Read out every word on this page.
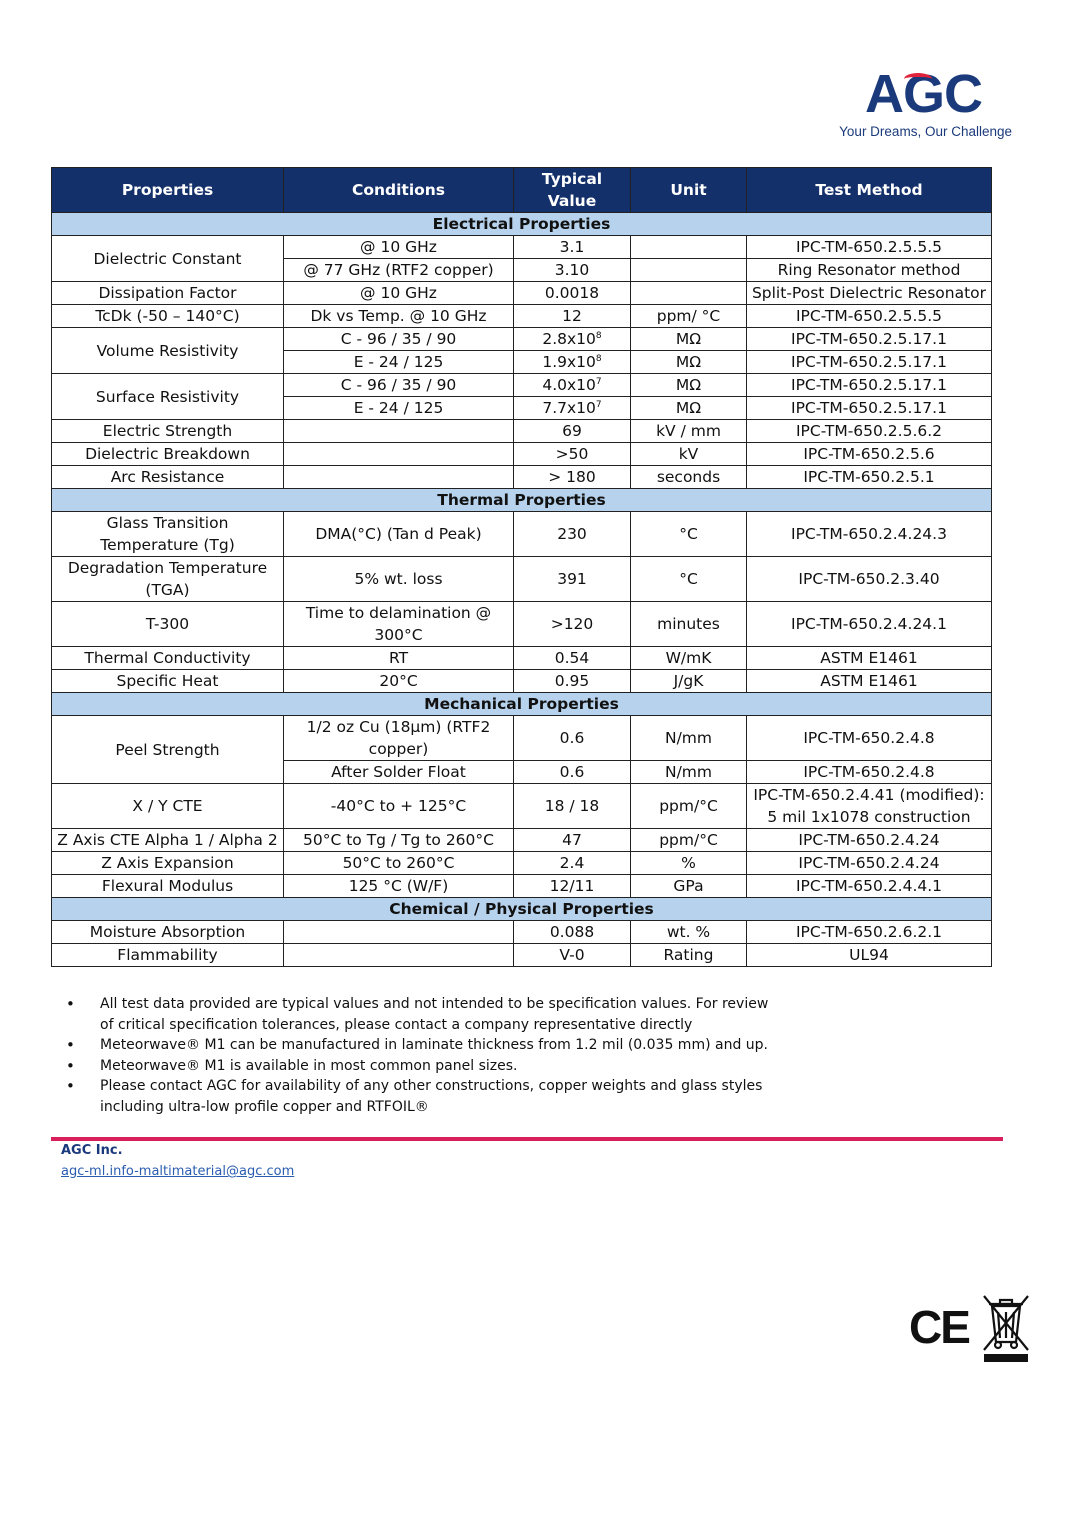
AGC
Your Dreams, Our Challenge
Properties	Conditions	Typical Value	Unit	Test Method
Electrical Properties				
Dielectric Constant	@ 10 GHz	3.1		IPC-TM-650.2.5.5.5
	@ 77 GHz (RTF2 copper)	3.10		Ring Resonator method
Dissipation Factor	@ 10 GHz	0.0018		Split-Post Dielectric Resonator
TcDk (-50 – 140°C)	Dk vs Temp. @ 10 GHz	12	ppm/ °C	IPC-TM-650.2.5.5.5
Volume Resistivity	C - 96 / 35 / 90	$2.8x10^8$	MΩ	IPC-TM-650.2.5.17.1
	E - 24 / 125	$1.9x10^8$	MΩ	IPC-TM-650.2.5.17.1
Surface Resistivity	C - 96 / 35 / 90	$4.0x10^7$	MΩ	IPC-TM-650.2.5.17.1
	E - 24 / 125	$7.7x10^7$	MΩ	IPC-TM-650.2.5.17.1
Electric Strength		69	kV / mm	IPC-TM-650.2.5.6.2
Dielectric Breakdown		>50	kV	IPC-TM-650.2.5.6
Arc Resistance		> 180	seconds	IPC-TM-650.2.5.1
Thermal Properties				
Glass Transition Temperature (Tg)	DMA(°C) (Tan d Peak)	230	°C	IPC-TM-650.2.4.24.3
Degradation Temperature (TGA)	5% wt. loss	391	°C	IPC-TM-650.2.3.40
T-300	Time to delamination @ 300°C	>120	minutes	IPC-TM-650.2.4.24.1
Thermal Conductivity	RT	0.54	W/mK	ASTM E1461
Specific Heat	20°C	0.95	J/gK	ASTM E1461
Mechanical Properties				
Peel Strength	1/2 oz Cu (18µm) (RTF2 copper)	0.6	N/mm	IPC-TM-650.2.4.8
	After Solder Float	0.6	N/mm	IPC-TM-650.2.4.8
X / Y CTE	-40°C to + 125°C	18 / 18	ppm/°C	IPC-TM-650.2.4.41 (modified): 5 mil 1x1078 construction
Z Axis CTE Alpha 1 / Alpha 2	50°C to Tg / Tg to 260°C	47	ppm/°C	IPC-TM-650.2.4.24
Z Axis Expansion	50°C to 260°C	2.4	%	IPC-TM-650.2.4.24
Flexural Modulus	125 °C (W/F)	12/11	GPa	IPC-TM-650.2.4.4.1
Chemical / Physical Properties				
Moisture Absorption		0.088	wt. %	IPC-TM-650.2.6.2.1
Flammability		V-0	Rating	UL94
• All test data provided are typical values and not intended to be specification values. For review of critical specification tolerances, please contact a company representative directly
• Meteorwave® M1 can be manufactured in laminate thickness from 1.2 mil (0.035 mm) and up.
• Meteorwave® M1 is available in most common panel sizes.
• Please contact AGC for availability of any other constructions, copper weights and glass styles including ultra-low profile copper and RTFOIL®
AGC Inc.
agc-ml.info-maltimaterial@agc.com
CE
